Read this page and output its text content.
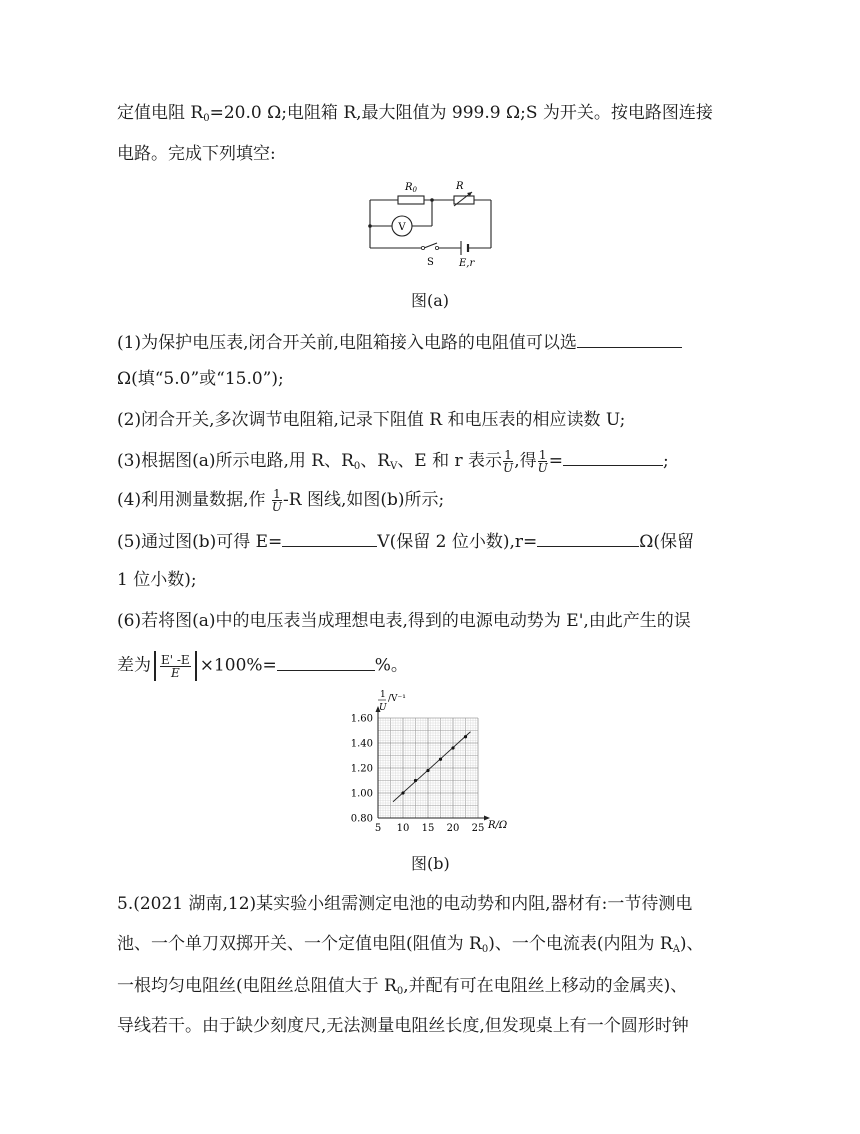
定值电阻 $R_0=20.0$ Ω;电阻箱 R,最大阻值为 999.9 Ω;S 为开关。按电路图连接
电路。完成下列填空:
V
$R_0$	R
S	E,r
图(a)
(1)为保护电压表,闭合开关前,电阻箱接入电路的电阻值可以选
Ω(填“5.0”或“15.0”);
(2)闭合开关,多次调节电阻箱,记录下阻值 R 和电压表的相应读数 U;
(3)根据图(a)所示电路,用 R、$R_0$、$R_V$、E 和 r 表示 $\frac{1}{U}$ ,得 $\frac{1}{U}$ =	;
(4)利用测量数据,作 $\frac{1}{U} -R$ 图线,如图(b)所示;
(5)通过图(b)可得 E=	V(保留 2 位小数),r=	Ω(保留
1 位小数);
(6)若将图(a)中的电压表当成理想电表,得到的电源电动势为 E',由此产生的误
差为 $\frac{E' -E}{E} \times 100\%=$	%。
5 10 15 20 25
0.80
1.00
1.20
1.40
1.60
/V⁻¹
1
U
R/Ω
图(b)
5.(2021 湖南,12)某实验小组需测定电池的电动势和内阻,器材有:一节待测电
池、一个单刀双掷开关、一个定值电阻(阻值为 $R_0$)、一个电流表(内阻为 $R_A$)、
一根均匀电阻丝(电阻丝总阻值大于 $R_0$,并配有可在电阻丝上移动的金属夹)、
导线若干。由于缺少刻度尺,无法测量电阻丝长度,但发现桌上有一个圆形时钟
